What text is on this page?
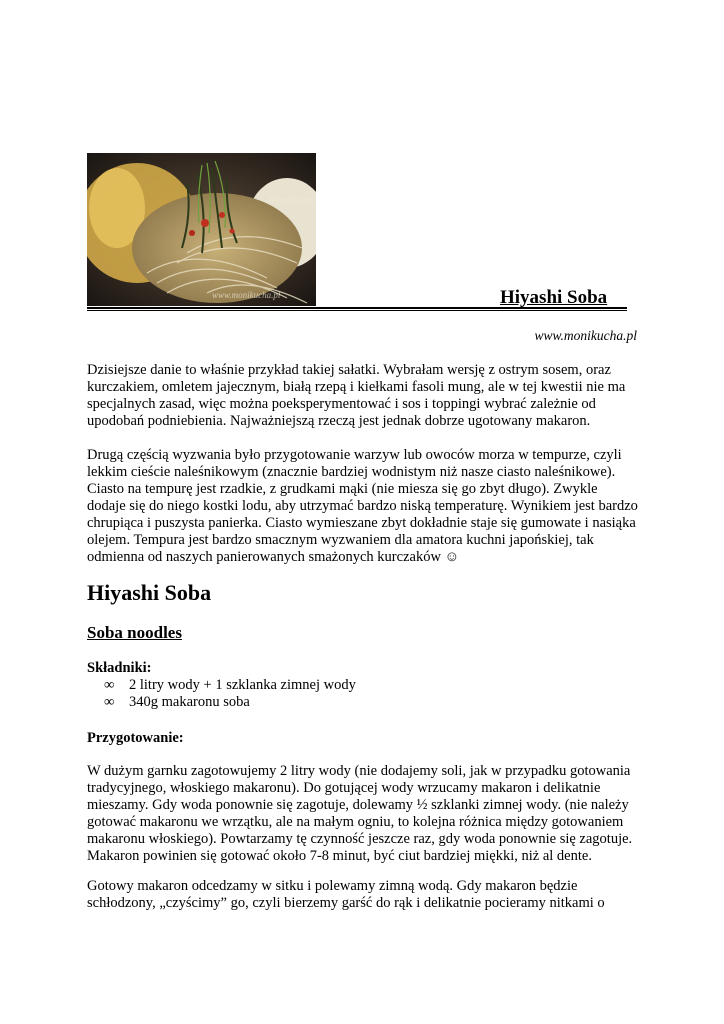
hiyashi soba
www.monikucha.pl	Hiyashi Soba
www.monikucha.pl

Dzisiejsze danie to właśnie przykład takiej sałatki. Wybrałam wersję z ostrym sosem, oraz kurczakiem, omletem jajecznym, białą rzepą i kiełkami fasoli mung, ale w tej kwestii nie ma specjalnych zasad, więc można poeksperymentować i sos i toppingi wybrać zależnie od upodobań podniebienia. Najważniejszą rzeczą jest jednak dobrze ugotowany makaron.

Drugą częścią wyzwania było przygotowanie warzyw lub owoców morza w tempurze, czyli lekkim cieście naleśnikowym (znacznie bardziej wodnistym niż nasze ciasto naleśnikowe). Ciasto na tempurę jest rzadkie, z grudkami mąki (nie miesza się go zbyt długo). Zwykle dodaje się do niego kostki lodu, aby utrzymać bardzo niską temperaturę. Wynikiem jest bardzo chrupiąca i puszysta panierka. Ciasto wymieszane zbyt dokładnie staje się gumowate i nasiąka olejem. Tempura jest bardzo smacznym wyzwaniem dla amatora kuchni japońskiej, tak odmienna od naszych panierowanych smażonych kurczaków ☺

Hiyashi Soba
Soba noodles
Składniki:
∞	2 litry wody + 1 szklanka zimnej wody
∞	340g makaronu soba
Przygotowanie:

W dużym garnku zagotowujemy 2 litry wody (nie dodajemy soli, jak w przypadku gotowania tradycyjnego, włoskiego makaronu). Do gotującej wody wrzucamy makaron i delikatnie mieszamy. Gdy woda ponownie się zagotuje, dolewamy ½ szklanki zimnej wody. (nie należy gotować makaronu we wrzątku, ale na małym ogniu, to kolejna różnica między gotowaniem makaronu włoskiego). Powtarzamy tę czynność jeszcze raz, gdy woda ponownie się zagotuje. Makaron powinien się gotować około 7-8 minut, być ciut bardziej miękki, niż al dente.

Gotowy makaron odcedzamy w sitku i polewamy zimną wodą. Gdy makaron będzie schłodzony, „czyścimy” go, czyli bierzemy garść do rąk i delikatnie pocieramy nitkami o
